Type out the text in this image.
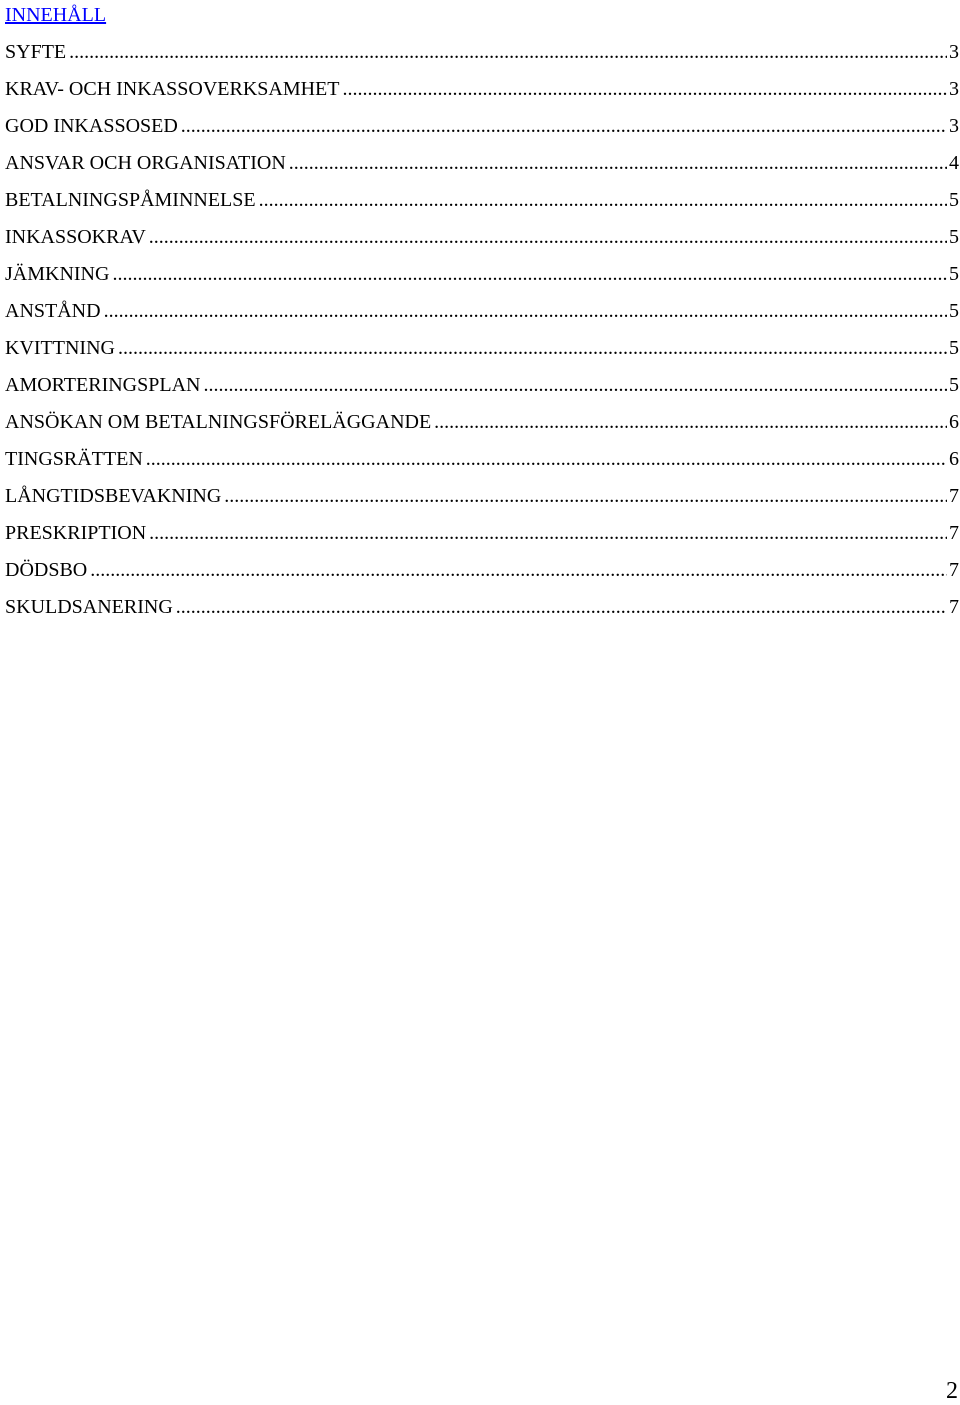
INNEHÅLL
SYFTE .....	3
KRAV- OCH INKASSOVERKSAMHET .....	3
GOD INKASSOSED .....	3
ANSVAR OCH ORGANISATION .....	4
BETALNINGSPÅMINNELSE .....	5
INKASSOKRAV .....	5
JÄMKNING .....	5
ANSTÅND .....	5
KVITTNING .....	5
AMORTERINGSPLAN .....	5
ANSÖKAN OM BETALNINGSFÖRELÄGGANDE .....	6
TINGSRÄTTEN .....	6
LÅNGTIDSBEVAKNING .....	7
PRESKRIPTION .....	7
DÖDSBO .....	7
SKULDSANERING .....	7
2
